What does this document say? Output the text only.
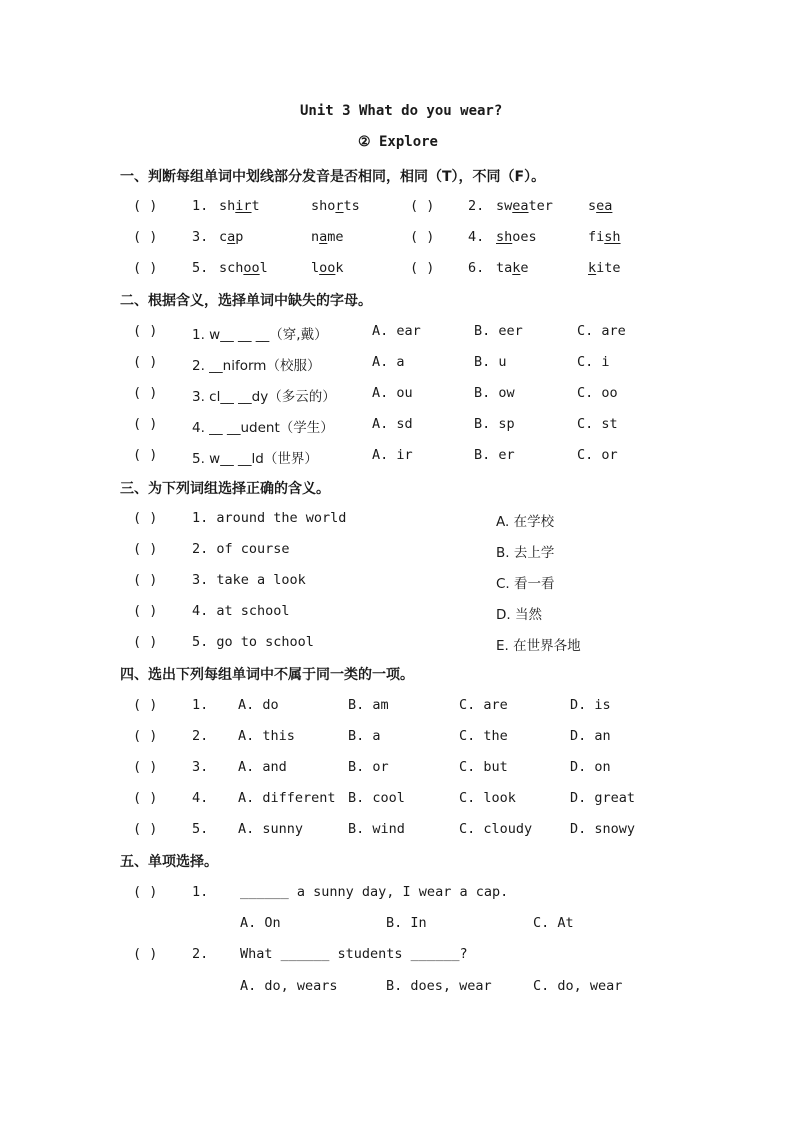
Unit 3 What do you wear?
② Explore
一、判断每组单词中划线部分发音是否相同，相同（T），不同（F）。
( )	1. shirt	shorts	( ) 2. sweater	sea
( )	3. cap	name	( ) 4. shoes	fish
( )	5. school	look	( ) 6. take	kite
二、根据含义，选择单词中缺失的字母。
( )	1. w__ __ __（穿,戴）	A. ear	B. eer	C. are
( )	2. __niform（校服）	A. a	B. u	C. i
( )	3. cl__ __dy（多云的）	A. ou	B. ow	C. oo
( )	4. __ __udent（学生）	A. sd	B. sp	C. st
( )	5. w__ __ld（世界）	A. ir	B. er	C. or
三、为下列词组选择正确的含义。
( )	1. around the world	A. 在学校
( )	2. of course	B. 去上学
( )	3. take a look	C. 看一看
( )	4. at school	D. 当然
( )	5. go to school	E. 在世界各地
四、选出下列每组单词中不属于同一类的一项。
( )	1. A. do	B. am	C. are	D. is
( )	2. A. this	B. a	C. the	D. an
( )	3. A. and	B. or	C. but	D. on
( )	4. A. different B. cool	C. look	D. great
( )	5. A. sunny	B. wind	C. cloudy	D. snowy
五、单项选择。
( )	1. ______ a sunny day, I wear a cap.
A. On	B. In	C. At
( )	2. What ______ students ______?
A. do, wears	B. does, wear	C. do, wear
